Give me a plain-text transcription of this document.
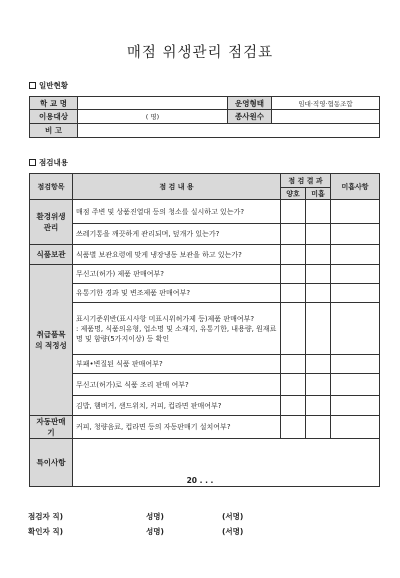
매점 위생관리 점검표
일반현황
학 교 명		운영형태	임대·직영·협동조합
이용대상	( 명)	종사원수	
비 고			
점검내용
점검항목	점 검 내 용	점 검 결 과		미흡사항
		양호	미흡	
환경위생 관리	매점 주변 및 상품진열대 등의 청소를 실시하고 있는가?			
	쓰레기통을 깨끗하게 관리되며, 덮개가 있는가?			
식품보관	식품별 보관요령에 맞게 냉장냉동 보관을 하고 있는가?			
취급품목의 적정성	무신고(허가) 제품 판매여부?			
	유통기한 경과 및 변조제품 판매여부?			

	표시기준위반(표시사항 미표시위허가제 등)제품 판매여부?
: 제품명, 식품의유형, 업소명 및 소재지, 유통기한, 내용량, 원재료명 및 함량(5가지이상) 등 확인			

	부패•변질된 식품 판매여부?			
	무신고(허가)로 식품 조리 판매 여부?			
	김밥, 햄버거, 샌드위치, 커피, 컵라면 판매여부?			
자동판매기	커피, 청량음료, 컵라면 등의 자동판매기 설치여부?			
특이사항				
20 . . .
점검자 직)	성명)	(서명)
확인자 직)	성명)	(서명)
